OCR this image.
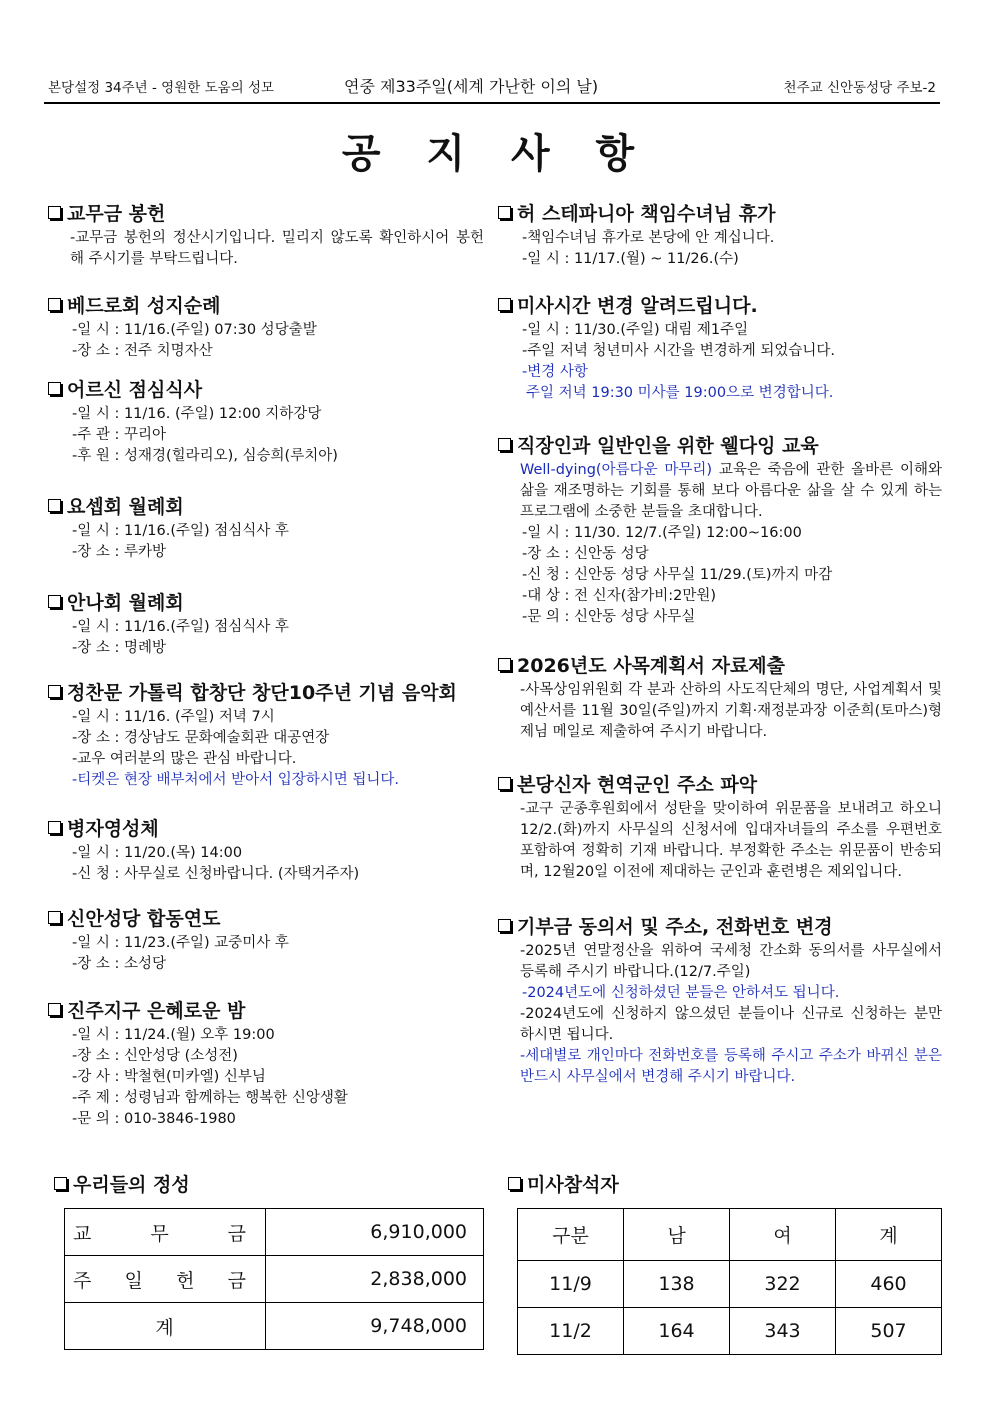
본당설정 34주년 - 영원한 도움의 성모	연중 제33주일(세계 가난한 이의 날)	천주교 신안동성당 주보-2
공 지 사 항
교무금 봉헌
-교무금 봉헌의 정산시기입니다. 밀리지 않도록 확인하시어 봉헌해 주시기를 부탁드립니다.
베드로회 성지순례
-일 시 : 11/16.(주일) 07:30 성당출발
-장 소 : 전주 치명자산
어르신 점심식사
-일 시 : 11/16. (주일) 12:00 지하강당
-주 관 : 꾸리아
-후 원 : 성재경(힐라리오), 심승희(루치아)
요셉회 월례회
-일 시 : 11/16.(주일) 점심식사 후
-장 소 : 루카방
안나회 월례회
-일 시 : 11/16.(주일) 점심식사 후
-장 소 : 명례방
정찬문 가톨릭 합창단 창단10주년 기념 음악회
-일 시 : 11/16. (주일) 저녁 7시
-장 소 : 경상남도 문화예술회관 대공연장
-교우 여러분의 많은 관심 바랍니다.
-티켓은 현장 배부처에서 받아서 입장하시면 됩니다.
병자영성체
-일 시 : 11/20.(목) 14:00
-신 청 : 사무실로 신청바랍니다. (자택거주자)
신안성당 합동연도
-일 시 : 11/23.(주일) 교중미사 후
-장 소 : 소성당
진주지구 은혜로운 밤
-일 시 : 11/24.(월) 오후 19:00
-장 소 : 신안성당 (소성전)
-강 사 : 박철현(미카엘) 신부님
-주 제 : 성령님과 함께하는 행복한 신앙생활
-문 의 : 010-3846-1980
허 스테파니아 책임수녀님 휴가
-책임수녀님 휴가로 본당에 안 계십니다.
-일 시 : 11/17.(월) ~ 11/26.(수)
미사시간 변경 알려드립니다.
-일 시 : 11/30.(주일) 대림 제1주일
-주일 저녁 청년미사 시간을 변경하게 되었습니다.
-변경 사항
주일 저녁 19:30 미사를 19:00으로 변경합니다.
직장인과 일반인을 위한 웰다잉 교육
Well-dying(아름다운 마무리) 교육은 죽음에 관한 올바른 이해와 삶을 재조명하는 기회를 통해 보다 아름다운 삶을 살 수 있게 하는 프로그램에 소중한 분들을 초대합니다.
-일 시 : 11/30. 12/7.(주일) 12:00~16:00
-장 소 : 신안동 성당
-신 청 : 신안동 성당 사무실 11/29.(토)까지 마감
-대 상 : 전 신자(참가비:2만원)
-문 의 : 신안동 성당 사무실
2026년도 사목계획서 자료제출
-사목상임위원회 각 분과 산하의 사도직단체의 명단, 사업계획서 및 예산서를 11월 30일(주일)까지 기획·재정분과장 이준희(토마스)형제님 메일로 제출하여 주시기 바랍니다.
본당신자 현역군인 주소 파악
-교구 군종후원회에서 성탄을 맞이하여 위문품을 보내려고 하오니 12/2.(화)까지 사무실의 신청서에 입대자녀들의 주소를 우편번호 포함하여 정확히 기재 바랍니다. 부정확한 주소는 위문품이 반송되며, 12월20일 이전에 제대하는 군인과 훈련병은 제외입니다.
기부금 동의서 및 주소, 전화번호 변경
-2025년 연말정산을 위하여 국세청 간소화 동의서를 사무실에서 등록해 주시기 바랍니다.(12/7.주일)
-2024년도에 신청하셨던 분들은 안하셔도 됩니다.
-2024년도에 신청하지 않으셨던 분들이나 신규로 신청하는 분만 하시면 됩니다.
-세대별로 개인마다 전화번호를 등록해 주시고 주소가 바뀌신 분은 반드시 사무실에서 변경해 주시기 바랍니다.
우리들의 정성
교 무 금	6,910,000

주 일 헌 금	2,838,000
계	9,748,000
미사참석자
구분	남	여	계
11/9	138	322	460
11/2	164	343	507
